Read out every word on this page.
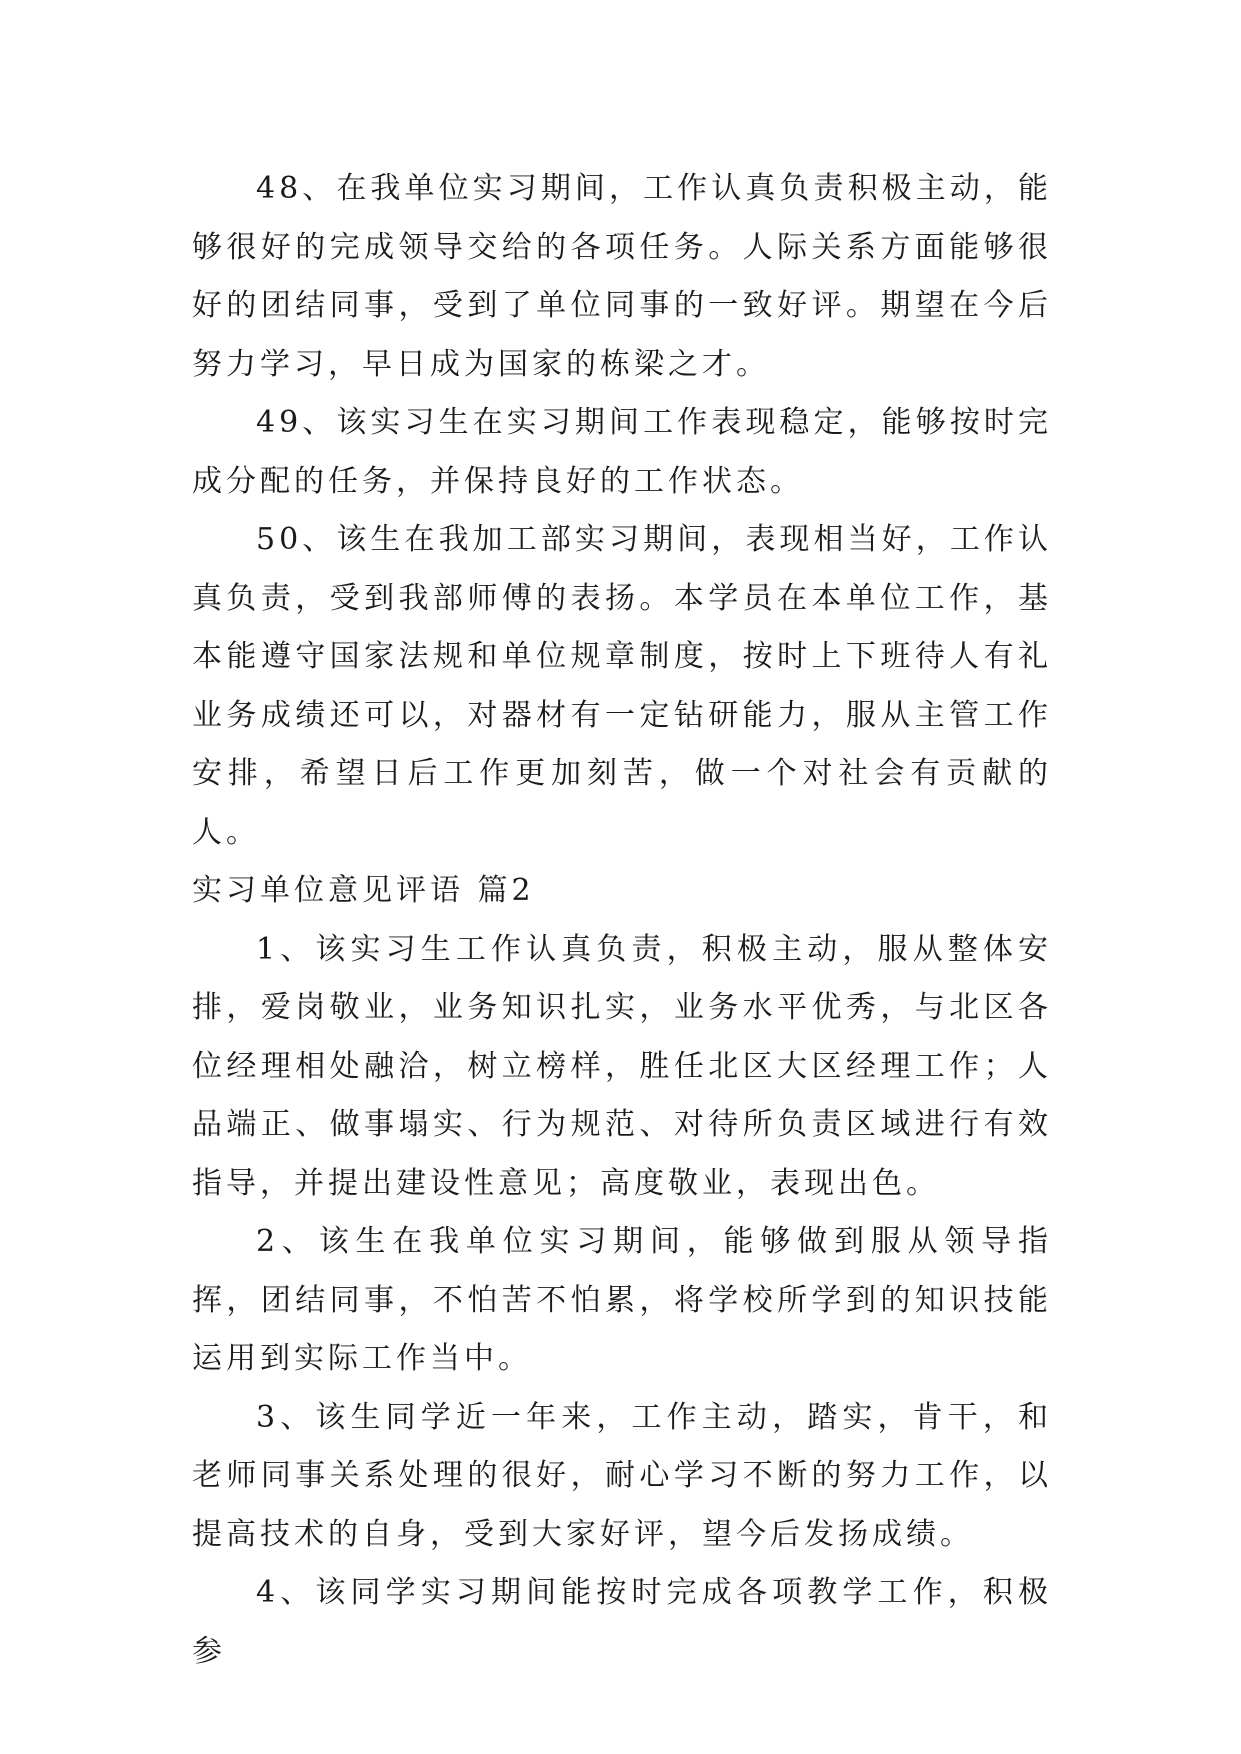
48、在我单位实习期间，工作认真负责积极主动，能够很好的完成领导交给的各项任务。人际关系方面能够很好的团结同事，受到了单位同事的一致好评。期望在今后努力学习，早日成为国家的栋梁之才。

49、该实习生在实习期间工作表现稳定，能够按时完成分配的任务，并保持良好的工作状态。

50、该生在我加工部实习期间，表现相当好，工作认真负责，受到我部师傅的表扬。本学员在本单位工作，基本能遵守国家法规和单位规章制度，按时上下班待人有礼业务成绩还可以，对器材有一定钻研能力，服从主管工作安排，希望日后工作更加刻苦，做一个对社会有贡献的人。

实习单位意见评语 篇2

1、该实习生工作认真负责，积极主动，服从整体安排，爱岗敬业，业务知识扎实，业务水平优秀，与北区各位经理相处融洽，树立榜样，胜任北区大区经理工作；人品端正、做事塌实、行为规范、对待所负责区域进行有效指导，并提出建设性意见；高度敬业，表现出色。

2、该生在我单位实习期间，能够做到服从领导指挥，团结同事，不怕苦不怕累，将学校所学到的知识技能运用到实际工作当中。

3、该生同学近一年来，工作主动，踏实，肯干，和老师同事关系处理的很好，耐心学习不断的努力工作，以提高技术的自身，受到大家好评，望今后发扬成绩。

4、该同学实习期间能按时完成各项教学工作，积极参
